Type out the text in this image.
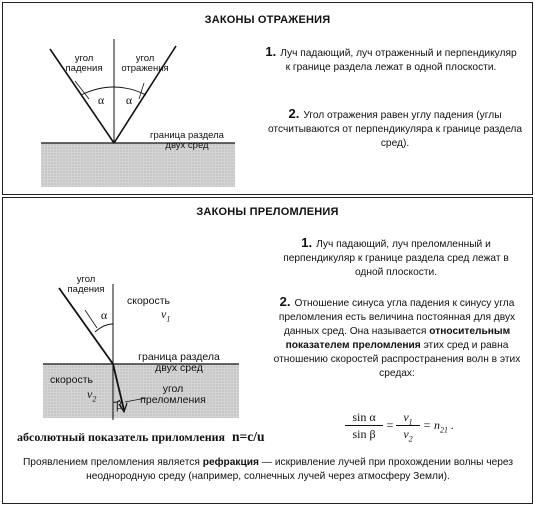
ЗАКОНЫ ОТРАЖЕНИЯ
угол
падения
угол
отражения
α α
граница раздела
двух сред
1. Луч падающий, луч отраженный и перпендикуляр к границе раздела лежат в одной плоскости.
2. Угол отражения равен углу падения (углы отсчитываются от перпендикуляра к границе раздела сред).
ЗАКОНЫ ПРЕЛОМЛЕНИЯ
угол
падения
α
скорость
$v_1$
граница раздела
двух сред
скорость
$v_2$	β
угол
преломления
1. Луч падающий, луч преломленный и перпендикуляр к границе раздела сред лежат в одной плоскости.
2. Отношение синуса угла падения к синусу угла преломления есть величина постоянная для двух данных сред. Она называется относительным показателем преломления этих сред и равна отношению скоростей распространения волн в этих средах:
sin α
sin β
=
$v_1$
$v_2$
= $n_{21}$ .
абсолютный показатель приломления n=c/u
Проявлением преломления является рефракция — искривление лучей при прохождении волны через неоднородную среду (например, солнечных лучей через атмосферу Земли).
